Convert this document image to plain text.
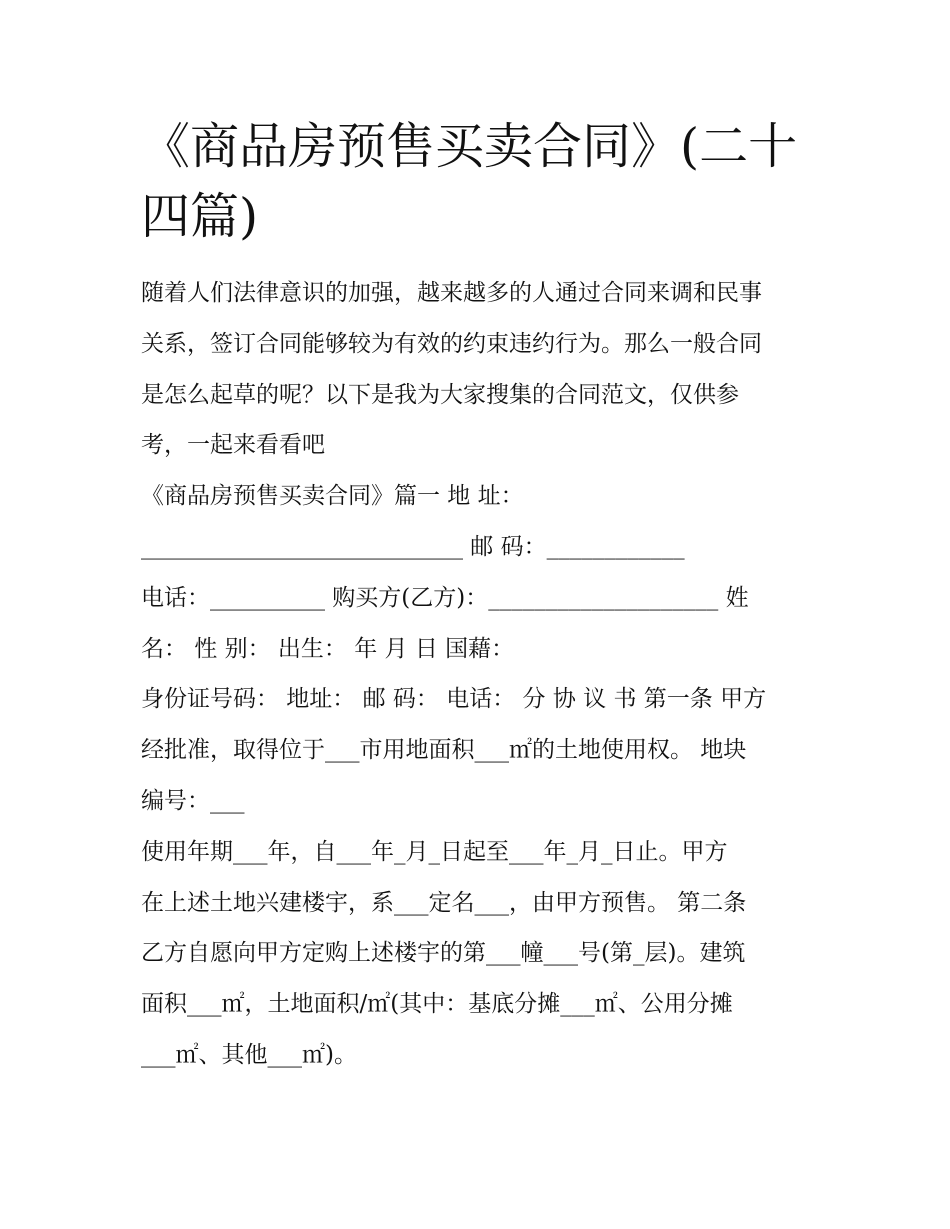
《商品房预售买卖合同》(二十
四篇)

随着人们法律意识的加强，越来越多的人通过合同来调和民事

关系，签订合同能够较为有效的约束违约行为。那么一般合同

是怎么起草的呢？以下是我为大家搜集的合同范文，仅供参

考，一起来看看吧

《商品房预售买卖合同》篇一 地 址：

____________________________ 邮 码：____________

电话：__________ 购买方(乙方)：____________________ 姓

名： 性 别： 出生： 年 月 日 国藉：

身份证号码： 地址： 邮 码： 电话： 分 协 议 书 第一条 甲方

经批准，取得位于___市用地面积___㎡的土地使用权。 地块

编号：___

使用年期___年，自___年_月_日起至___年_月_日止。甲方

在上述土地兴建楼宇，系___定名___，由甲方预售。 第二条

乙方自愿向甲方定购上述楼宇的第___幢___号(第_层)。建筑

面积___㎡，土地面积/㎡(其中：基底分摊___㎡、公用分摊

___㎡、其他___㎡)。
